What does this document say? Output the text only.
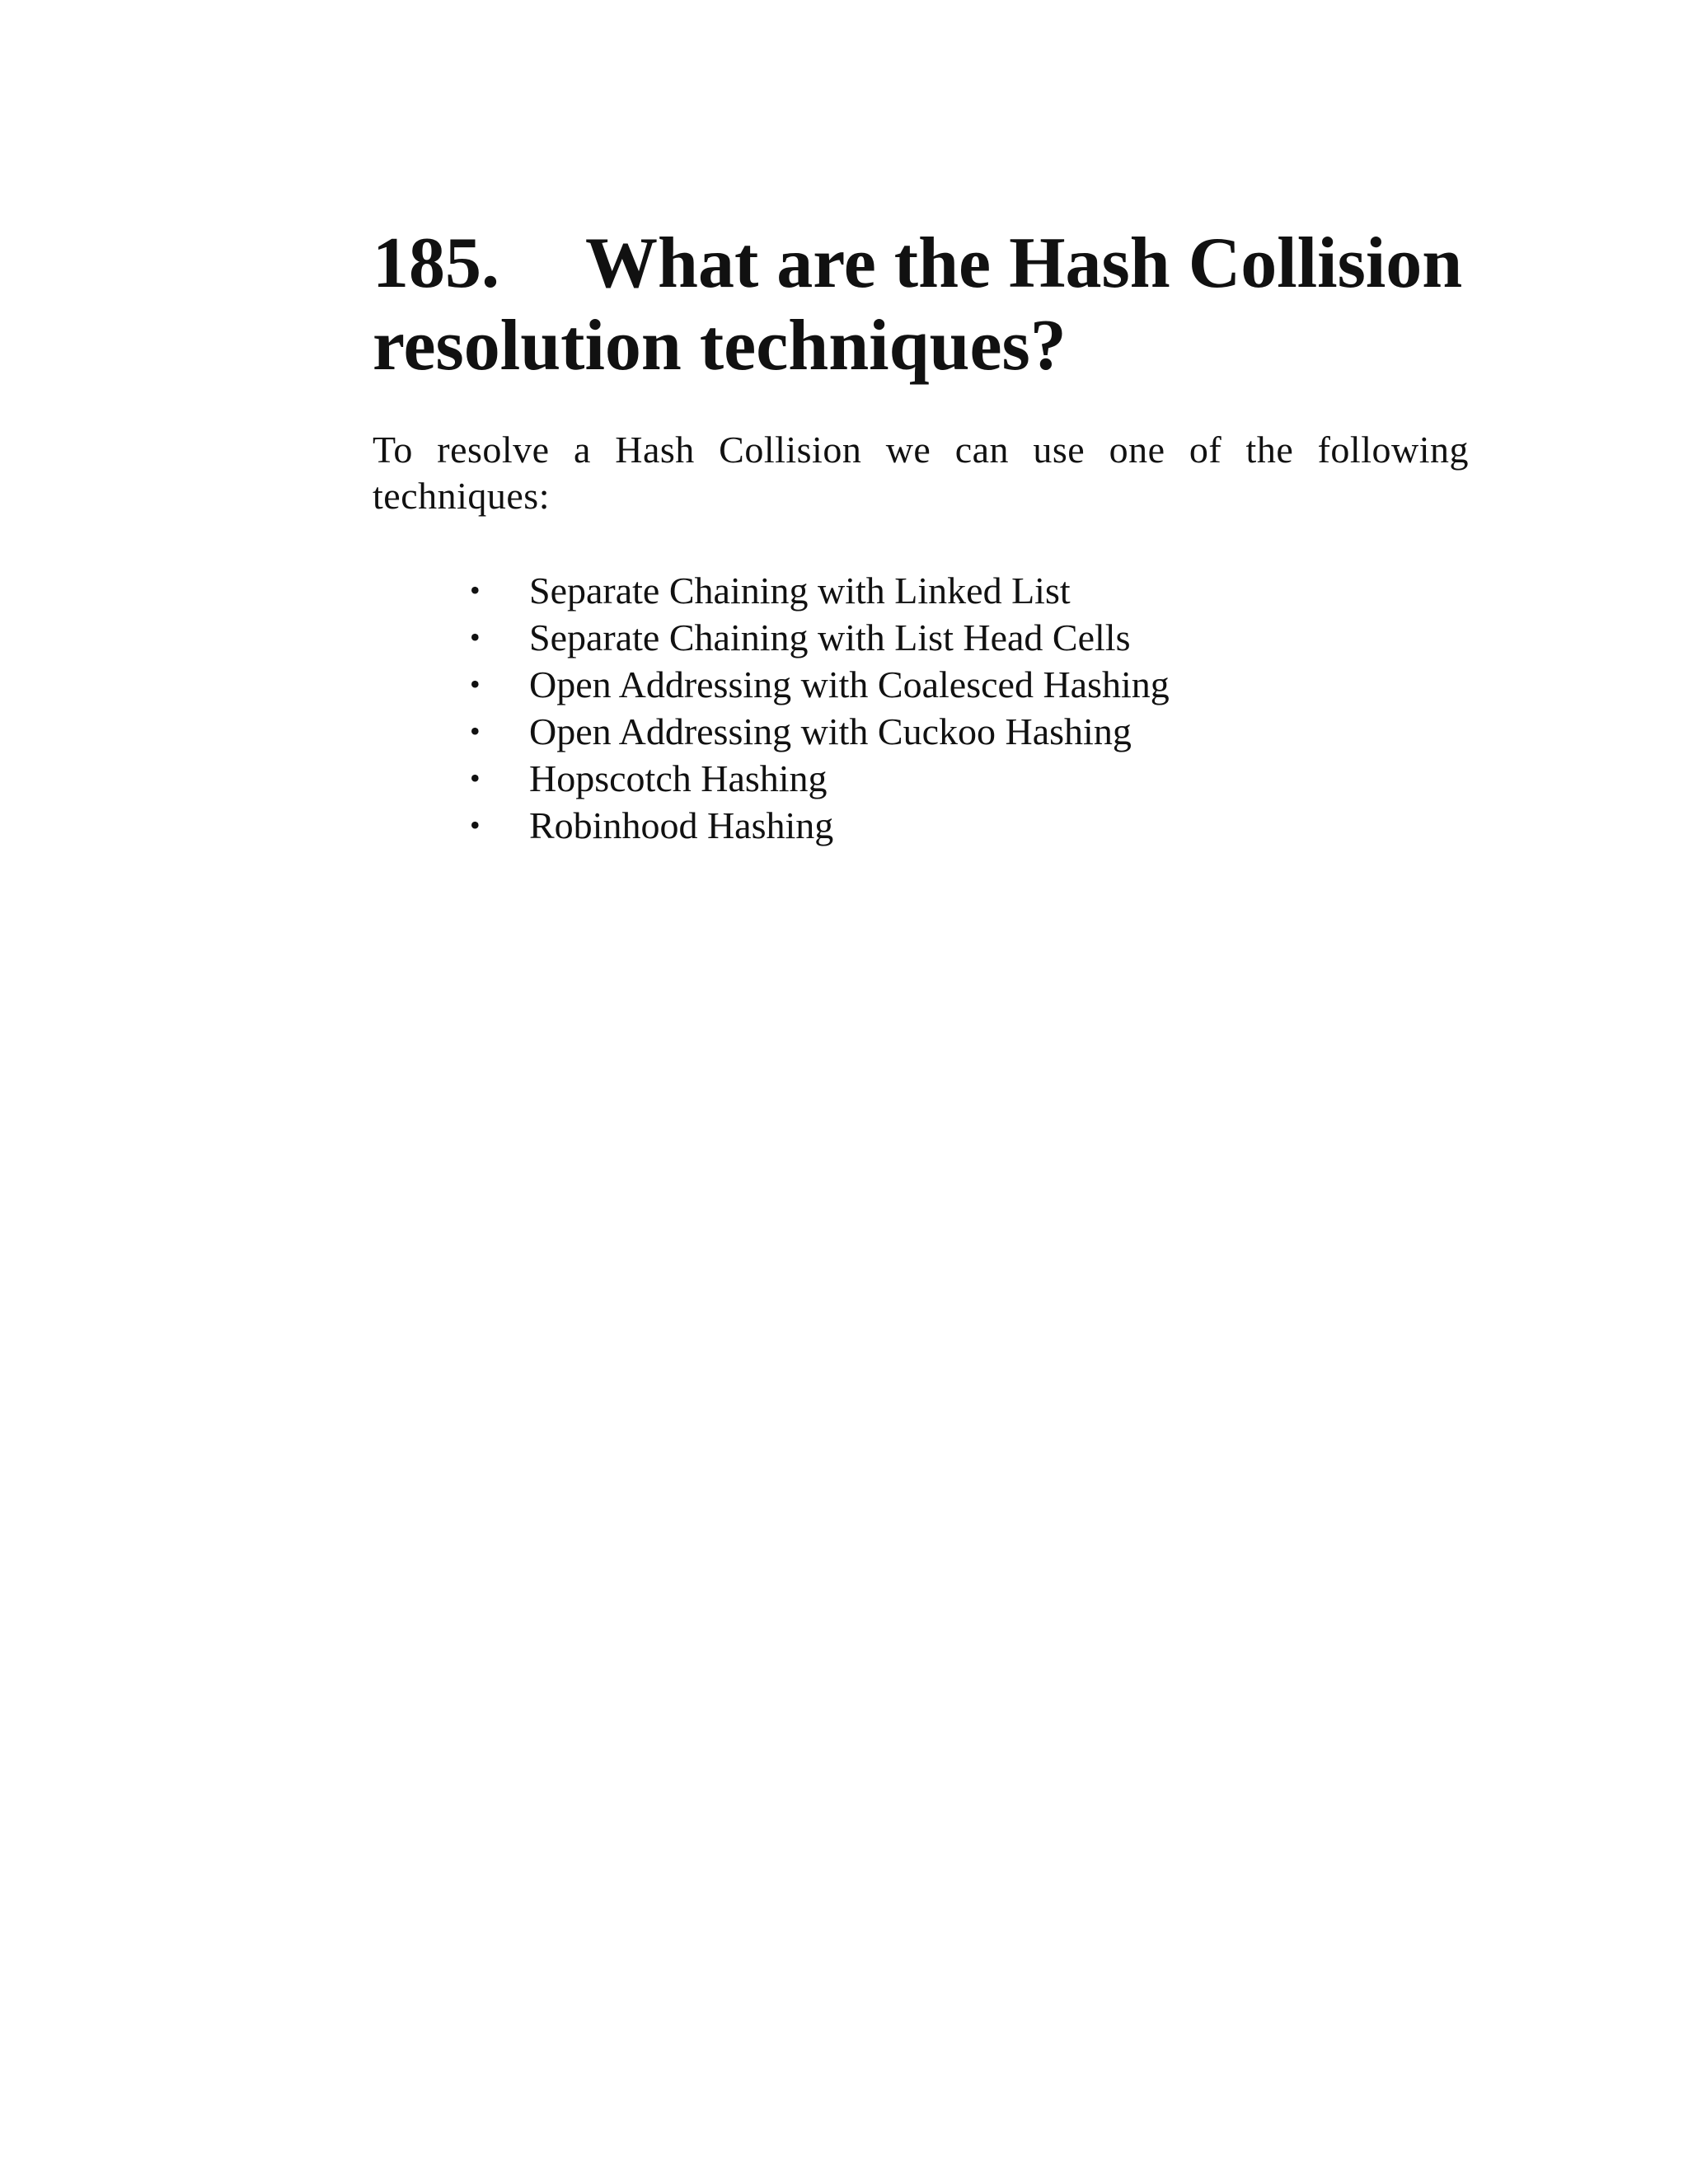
185. What are the Hash Collision
resolution techniques?

To resolve a Hash Collision we can use one of the following techniques:

• Separate Chaining with Linked List
• Separate Chaining with List Head Cells
• Open Addressing with Coalesced Hashing
• Open Addressing with Cuckoo Hashing
• Hopscotch Hashing
• Robinhood Hashing
